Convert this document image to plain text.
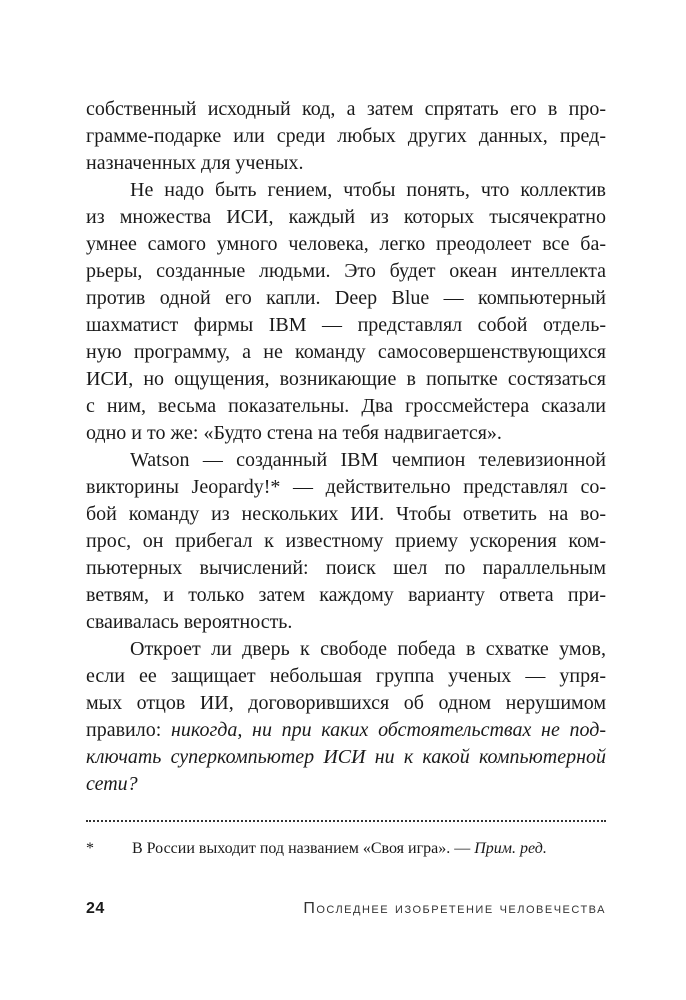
собственный исходный код, а затем спрятать его в про-
грамме-подарке или среди любых других данных, пред-
назначенных для ученых.
Не надо быть гением, чтобы понять, что коллектив
из множества ИСИ, каждый из которых тысячекратно
умнее самого умного человека, легко преодолеет все ба-
рьеры, созданные людьми. Это будет океан интеллекта
против одной его капли. Deep Blue — компьютерный
шахматист фирмы IBM — представлял собой отдель-
ную программу, а не команду самосовершенствующихся
ИСИ, но ощущения, возникающие в попытке состязаться
с ним, весьма показательны. Два гроссмейстера сказали
одно и то же: «Будто стена на тебя надвигается».
Watson — созданный IBM чемпион телевизионной
викторины Jeopardy!* — действительно представлял со-
бой команду из нескольких ИИ. Чтобы ответить на во-
прос, он прибегал к известному приему ускорения ком-
пьютерных вычислений: поиск шел по параллельным
ветвям, и только затем каждому варианту ответа при-
сваивалась вероятность.
Откроет ли дверь к свободе победа в схватке умов,
если ее защищает небольшая группа ученых — упря-
мых отцов ИИ, договорившихся об одном нерушимом
правило: никогда, ни при каких обстоятельствах не под-
ключать суперкомпьютер ИСИ ни к какой компьютерной
сети?
* В России выходит под названием «Своя игра». — Прим. ред.
24	Последнее изобретение человечества
